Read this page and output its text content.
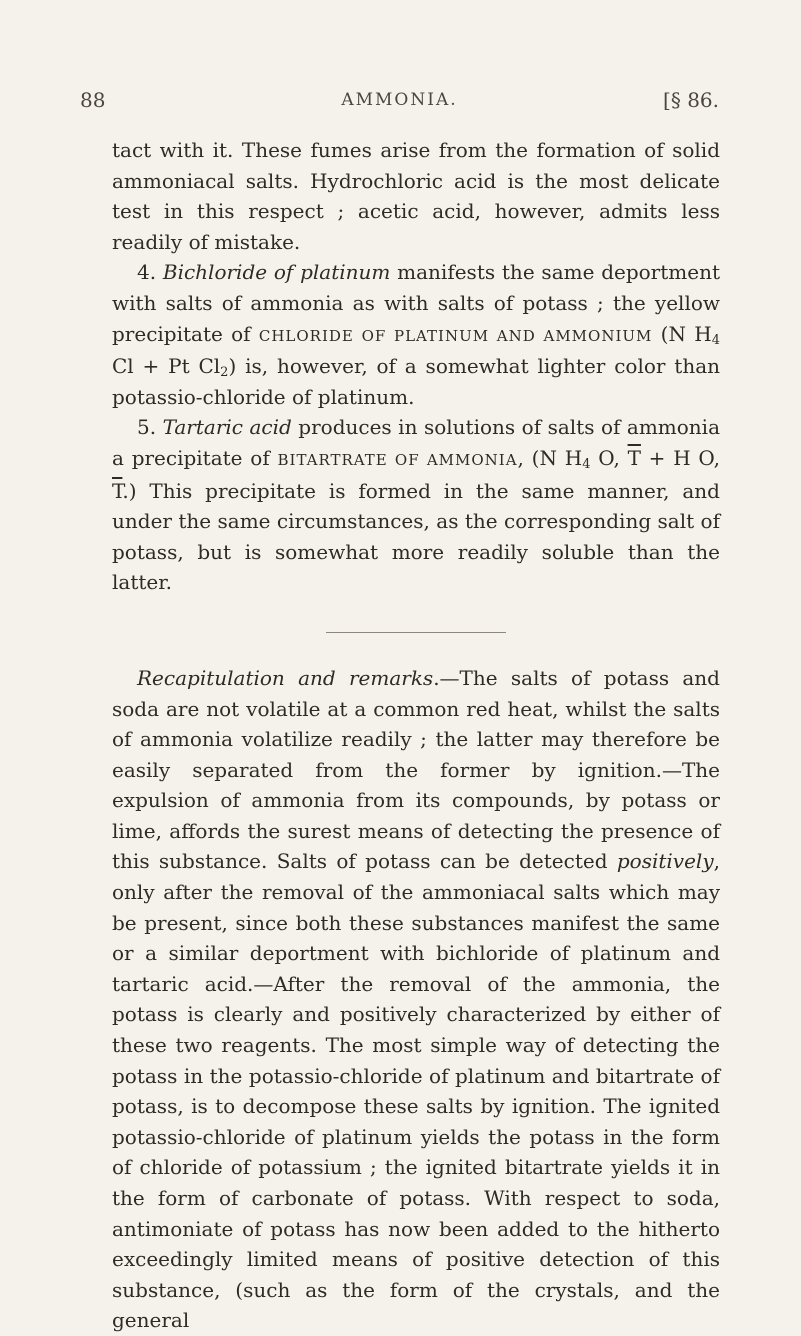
88	AMMONIA.	[§ 86.

tact with it. These fumes arise from the formation of solid ammoniacal salts. Hydrochloric acid is the most delicate test in this respect ; acetic acid, however, admits less readily of mistake.

4. Bichloride of platinum manifests the same deportment with salts of ammonia as with salts of potass ; the yellow precipitate of CHLORIDE OF PLATINUM AND AMMONIUM (N $H_4$ Cl + Pt $Cl_2$) is, however, of a somewhat lighter color than potassio-chloride of platinum.

5. Tartaric acid produces in solutions of salts of ammonia a precipitate of BITARTRATE OF AMMONIA, (N $H_4$ O, $\overline{T} + H$ O, $\overline{T}$.) This precipitate is formed in the same manner, and under the same circumstances, as the corresponding salt of potass, but is somewhat more readily soluble than the latter.

Recapitulation and remarks.—The salts of potass and soda are not volatile at a common red heat, whilst the salts of ammonia volatilize readily ; the latter may therefore be easily separated from the former by ignition.—The expulsion of ammonia from its compounds, by potass or lime, affords the surest means of detecting the presence of this substance. Salts of potass can be detected positively, only after the removal of the ammoniacal salts which may be present, since both these substances manifest the same or a similar deportment with bichloride of platinum and tartaric acid.—After the removal of the ammonia, the potass is clearly and positively characterized by either of these two reagents. The most simple way of detecting the potass in the potassio-chloride of platinum and bitartrate of potass, is to decompose these salts by ignition. The ignited potassio-chloride of platinum yields the potass in the form of chloride of potassium ; the ignited bitartrate yields it in the form of carbonate of potass. With respect to soda, antimoniate of potass has now been added to the hitherto exceedingly limited means of positive detection of this substance, (such as the form of the crystals, and the general
